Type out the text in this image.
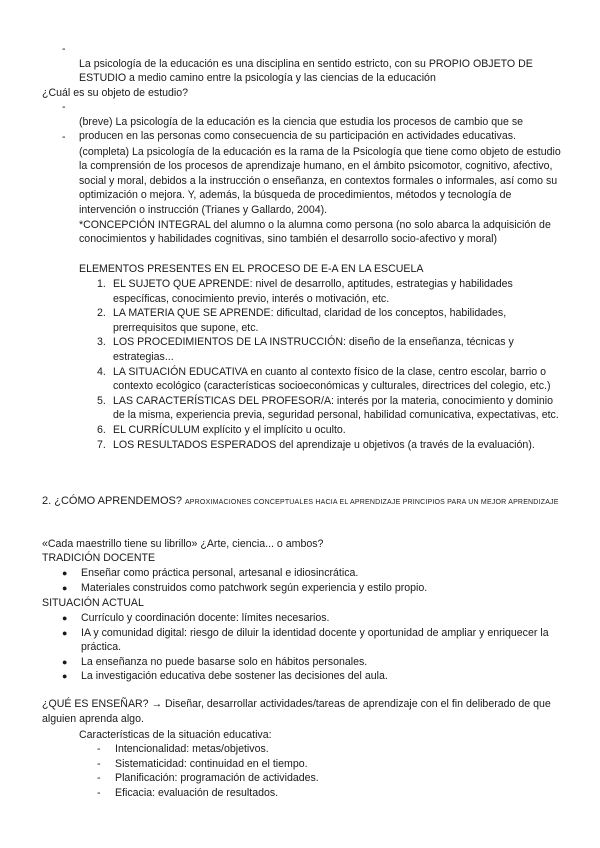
-

La psicología de la educación es una disciplina en sentido estricto, con su PROPIO OBJETO DE ESTUDIO a medio camino entre la psicología y las ciencias de la educación

¿Cuál es su objeto de estudio?

-

(breve) La psicología de la educación es la ciencia que estudia los procesos de cambio que se producen en las personas como consecuencia de su participación en actividades educativas.

-

(completa) La psicología de la educación es la rama de la Psicología que tiene como objeto de estudio la comprensión de los procesos de aprendizaje humano, en el ámbito psicomotor, cognitivo, afectivo, social y moral, debidos a la instrucción o enseñanza, en contextos formales o informales, así como su optimización o mejora. Y, además, la búsqueda de procedimientos, métodos y tecnología de intervención o instrucción (Trianes y Gallardo, 2004).

*CONCEPCIÓN INTEGRAL del alumno o la alumna como persona (no solo abarca la adquisición de conocimientos y habilidades cognitivas, sino también el desarrollo socio-afectivo y moral)

ELEMENTOS PRESENTES EN EL PROCESO DE E-A EN LA ESCUELA

1. EL SUJETO QUE APRENDE: nivel de desarrollo, aptitudes, estrategias y habilidades específicas, conocimiento previo, interés o motivación, etc.

2. LA MATERIA QUE SE APRENDE: dificultad, claridad de los conceptos, habilidades, prerrequisitos que supone, etc.

3. LOS PROCEDIMIENTOS DE LA INSTRUCCIÓN: diseño de la enseñanza, técnicas y estrategias...

4. LA SITUACIÓN EDUCATIVA en cuanto al contexto físico de la clase, centro escolar, barrio o contexto ecológico (características socioeconómicas y culturales, directrices del colegio, etc.)

5. LAS CARACTERÍSTICAS DEL PROFESOR/A: interés por la materia, conocimiento y dominio de la misma, experiencia previa, seguridad personal, habilidad comunicativa, expectativas, etc.

6. EL CURRÍCULUM explícito y el implícito u oculto.

7. LOS RESULTADOS ESPERADOS del aprendizaje u objetivos (a través de la evaluación).

2. ¿CÓMO APRENDEMOS? APROXIMACIONES CONCEPTUALES HACIA EL APRENDIZAJE PRINCIPIOS PARA UN MEJOR APRENDIZAJE

«Cada maestrillo tiene su librillo» ¿Arte, ciencia... o ambos?

TRADICIÓN DOCENTE

● Enseñar como práctica personal, artesanal e idiosincrática.

● Materiales construidos como patchwork según experiencia y estilo propio.

SITUACIÓN ACTUAL

● Currículo y coordinación docente: límites necesarios.

● IA y comunidad digital: riesgo de diluir la identidad docente y oportunidad de ampliar y enriquecer la práctica.

● La enseñanza no puede basarse solo en hábitos personales.

● La investigación educativa debe sostener las decisiones del aula.

¿QUÉ ES ENSEÑAR? → Diseñar, desarrollar actividades/tareas de aprendizaje con el fin deliberado de que alguien aprenda algo.

Características de la situación educativa:

- Intencionalidad: metas/objetivos.

- Sistematicidad: continuidad en el tiempo.

- Planificación: programación de actividades.

- Eficacia: evaluación de resultados.
